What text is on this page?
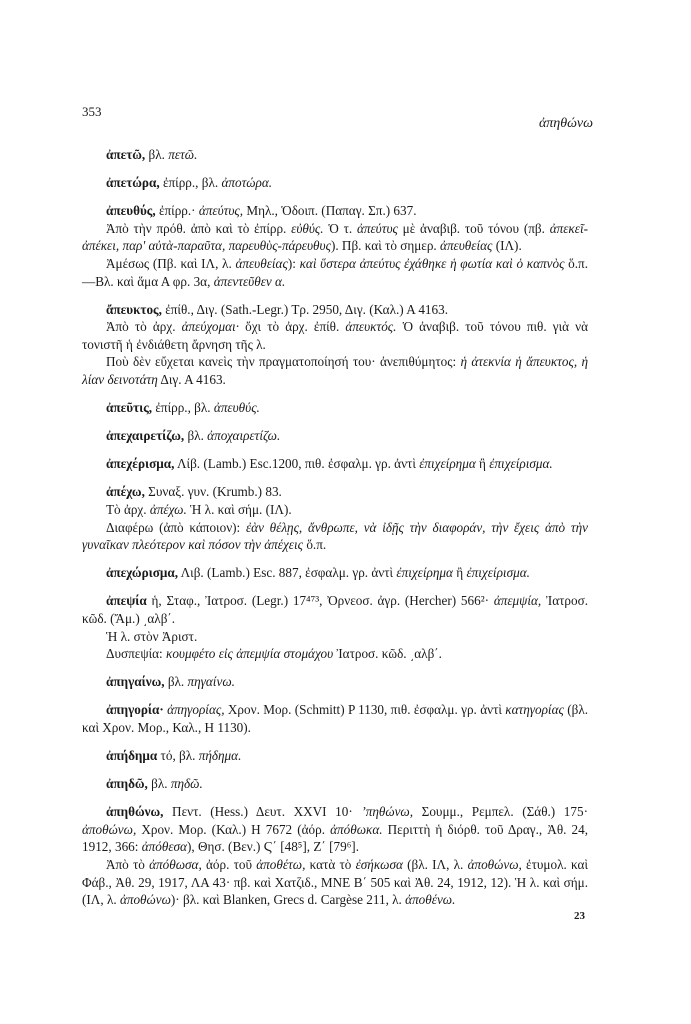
353
ἀπηθώνω

ἀπετῶ, βλ. πετῶ.

ἀπετώρα, ἐπίρρ., βλ. ἀποτώρα.

ἀπευθύς, ἐπίρρ.· ἀπεύτυς, Μηλ., Ὁδοιπ. (Παπαγ. Σπ.) 637.

Ἀπὸ τὴν πρόθ. ἀπὸ καὶ τὸ ἐπίρρ. εὐθύς. Ὁ τ. ἀπεύτυς μὲ ἀναβιβ. τοῦ τόνου (πβ. ἀπεκεῖ-ἀπέκει, παρ' αὐτὰ-παραῦτα, παρευθὺς-πάρευθυς). Πβ. καὶ τὸ σημερ. ἀπευθείας (ΙΛ).

Ἀμέσως (Πβ. καὶ ΙΛ, λ. ἀπευθείας): καὶ ὕστερα ἀπεύτυς ἐχάθηκε ἡ φωτία καὶ ὁ καπνὸς ὅ.π.—Βλ. καὶ ἅμα Α φρ. 3α, ἀπεντεῦθεν α.

ἄπευκτος, ἐπίθ., Διγ. (Sath.-Legr.) Τρ. 2950, Διγ. (Καλ.) Α 4163.

Ἀπὸ τὸ ἀρχ. ἀπεύχομαι· ὄχι τὸ ἀρχ. ἐπίθ. ἀπευκτός. Ὁ ἀναβιβ. τοῦ τόνου πιθ. γιὰ νὰ τονιστῆ ἡ ἐνδιάθετη ἄρνηση τῆς λ.

Ποὺ δὲν εὔχεται κανεὶς τὴν πραγματοποίησή του· ἀνεπιθύμητος: ἡ ἀτεκνία ἡ ἄπευκτος, ἡ λίαν δεινοτάτη Διγ. Α 4163.

ἀπεῦτις, ἐπίρρ., βλ. ἀπευθύς.

ἀπεχαιρετίζω, βλ. ἀποχαιρετίζω.

ἀπεχέρισμα, Λίβ. (Lamb.) Esc.1200, πιθ. ἐσφαλμ. γρ. ἀντὶ ἐπιχείρημα ἢ ἐπιχείρισμα.

ἀπέχω, Συναξ. γυν. (Krumb.) 83.

Τὸ ἀρχ. ἀπέχω. Ἡ λ. καὶ σήμ. (ΙΛ).

Διαφέρω (ἀπὸ κάποιον): ἐὰν θέλῃς, ἄνθρωπε, νὰ ἰδῇς τὴν διαφοράν, τὴν ἔχεις ἀπὸ τὴν γυναῖκαν πλεότερον καὶ πόσον τὴν ἀπέχεις ὅ.π.

ἀπεχώρισμα, Λιβ. (Lamb.) Esc. 887, ἐσφαλμ. γρ. ἀντὶ ἐπιχείρημα ἢ ἐπιχείρισμα.

ἀπεψία ἡ, Σταφ., Ἰατροσ. (Legr.) 17⁴⁷³, Ὀρνεοσ. ἀγρ. (Hercher) 566²· ἀπεμψία, Ἰατροσ. κῶδ. (Ἄμ.) ͵αλβ΄.

Ἡ λ. στὸν Ἀριστ.

Δυσπεψία: κουμφέτο εἰς ἀπεμψία στομάχου Ἰατροσ. κῶδ. ͵αλβ΄.

ἀπηγαίνω, βλ. πηγαίνω.

ἀπηγορία· ἀπηγορίας, Χρον. Μορ. (Schmitt) P 1130, πιθ. ἐσφαλμ. γρ. ἀντὶ κατηγορίας (βλ. καὶ Χρον. Μορ., Καλ., Η 1130).

ἀπήδημα τό, βλ. πήδημα.

ἀπηδῶ, βλ. πηδῶ.

ἀπηθώνω, Πεντ. (Hess.) Δευτ. XXVI 10· ʼπηθώνω, Σουμμ., Ρεμπελ. (Σάθ.) 175· ἀποθώνω, Χρον. Μορ. (Καλ.) Η 7672 (ἀόρ. ἀπόθωκα. Περιττὴ ἡ διόρθ. τοῦ Δραγ., Ἀθ. 24, 1912, 366: ἀπόθεσα), Θησ. (Βεν.) Ϛ΄ [48⁵], Ζ΄ [79⁶].

Ἀπὸ τὸ ἀπόθωσα, ἀόρ. τοῦ ἀποθέτω, κατὰ τὸ ἐσήκωσα (βλ. ΙΛ, λ. ἀποθώνω, ἐτυμολ. καὶ Φάβ., Ἀθ. 29, 1917, ΛΑ 43· πβ. καὶ Χατζιδ., ΜΝΕ Β΄ 505 καὶ Ἀθ. 24, 1912, 12). Ἡ λ. καὶ σήμ. (ΙΛ, λ. ἀποθώνω)· βλ. καὶ Blanken, Grecs d. Cargèse 211, λ. ἀποθένω.

23
